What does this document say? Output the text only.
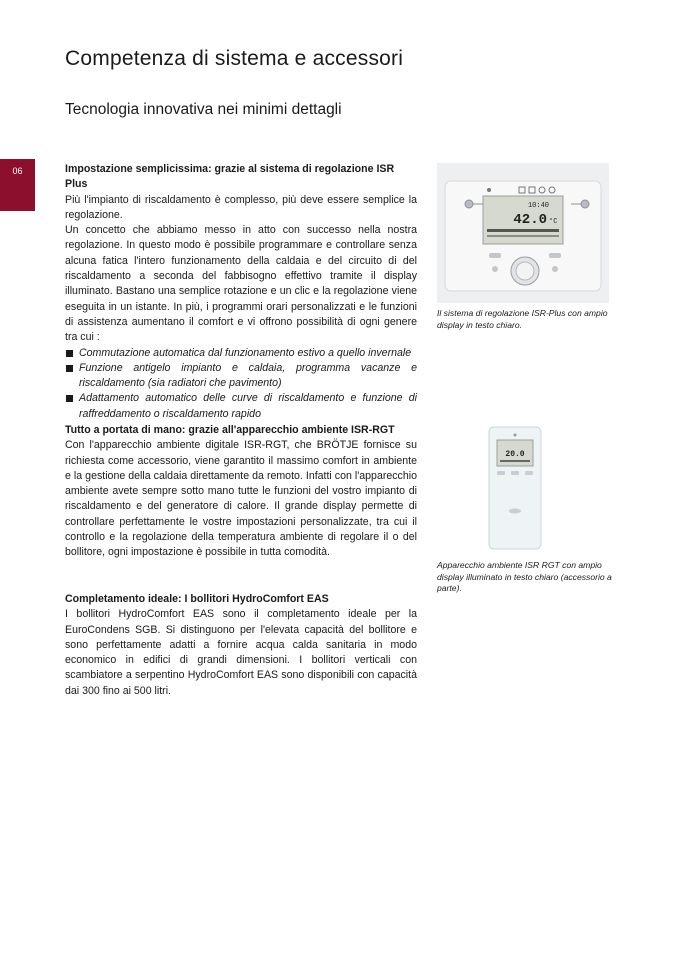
Competenza di sistema e accessori
Tecnologia innovativa nei minimi dettagli
06	Impostazione semplicissima: grazie al sistema di regolazione ISR Plus

Più l'impianto di riscaldamento è complesso, più deve essere semplice la regolazione.

Un concetto che abbiamo messo in atto con successo nella nostra regolazione. In questo modo è possibile programmare e controllare senza alcuna fatica l'intero funzionamento della caldaia e del circuito di del riscaldamento a seconda del fabbisogno effettivo tramite il display illuminato. Bastano una semplice rotazione e un clic e la regolazione viene eseguita in un istante. In più, i programmi orari personalizzati e le funzioni di assistenza aumentano il comfort e vi offrono possibilità di ogni genere tra cui :

Commutazione automatica dal funzionamento estivo a quello invernale
Funzione antigelo impianto e caldaia, programma vacanze e riscaldamento (sia radiatori che pavimento)
Adattamento automatico delle curve di riscaldamento e funzione di raffreddamento o riscaldamento rapido
10:40
42.0 °C
Il sistema di regolazione ISR-Plus con ampio display in testo chiaro.
Tutto a portata di mano: grazie all'apparecchio ambiente ISR-RGT

Con l'apparecchio ambiente digitale ISR-RGT, che BRÖTJE fornisce su richiesta come accessorio, viene garantito il massimo comfort in ambiente e la gestione della caldaia direttamente da remoto. Infatti con l'apparecchio ambiente avete sempre sotto mano tutte le funzioni del vostro impianto di riscaldamento e del generatore di calore. Il grande display permette di controllare perfettamente le vostre impostazioni personalizzate, tra cui il controllo e la regolazione della temperatura ambiente di regolare il o del bollitore, ogni impostazione è possibile in tutta comodità.

20.0
Apparecchio ambiente ISR RGT con ampio display illuminato in testo chiaro (accessorio a parte).
Completamento ideale: I bollitori HydroComfort EAS

I bollitori HydroComfort EAS sono il completamento ideale per la EuroCondens SGB. Si distinguono per l'elevata capacità del bollitore e sono perfettamente adatti a fornire acqua calda sanitaria in modo economico in edifici di grandi dimensioni. I bollitori verticali con scambiatore a serpentino HydroComfort EAS sono disponibili con capacità dai 300 fino ai 500 litri.
